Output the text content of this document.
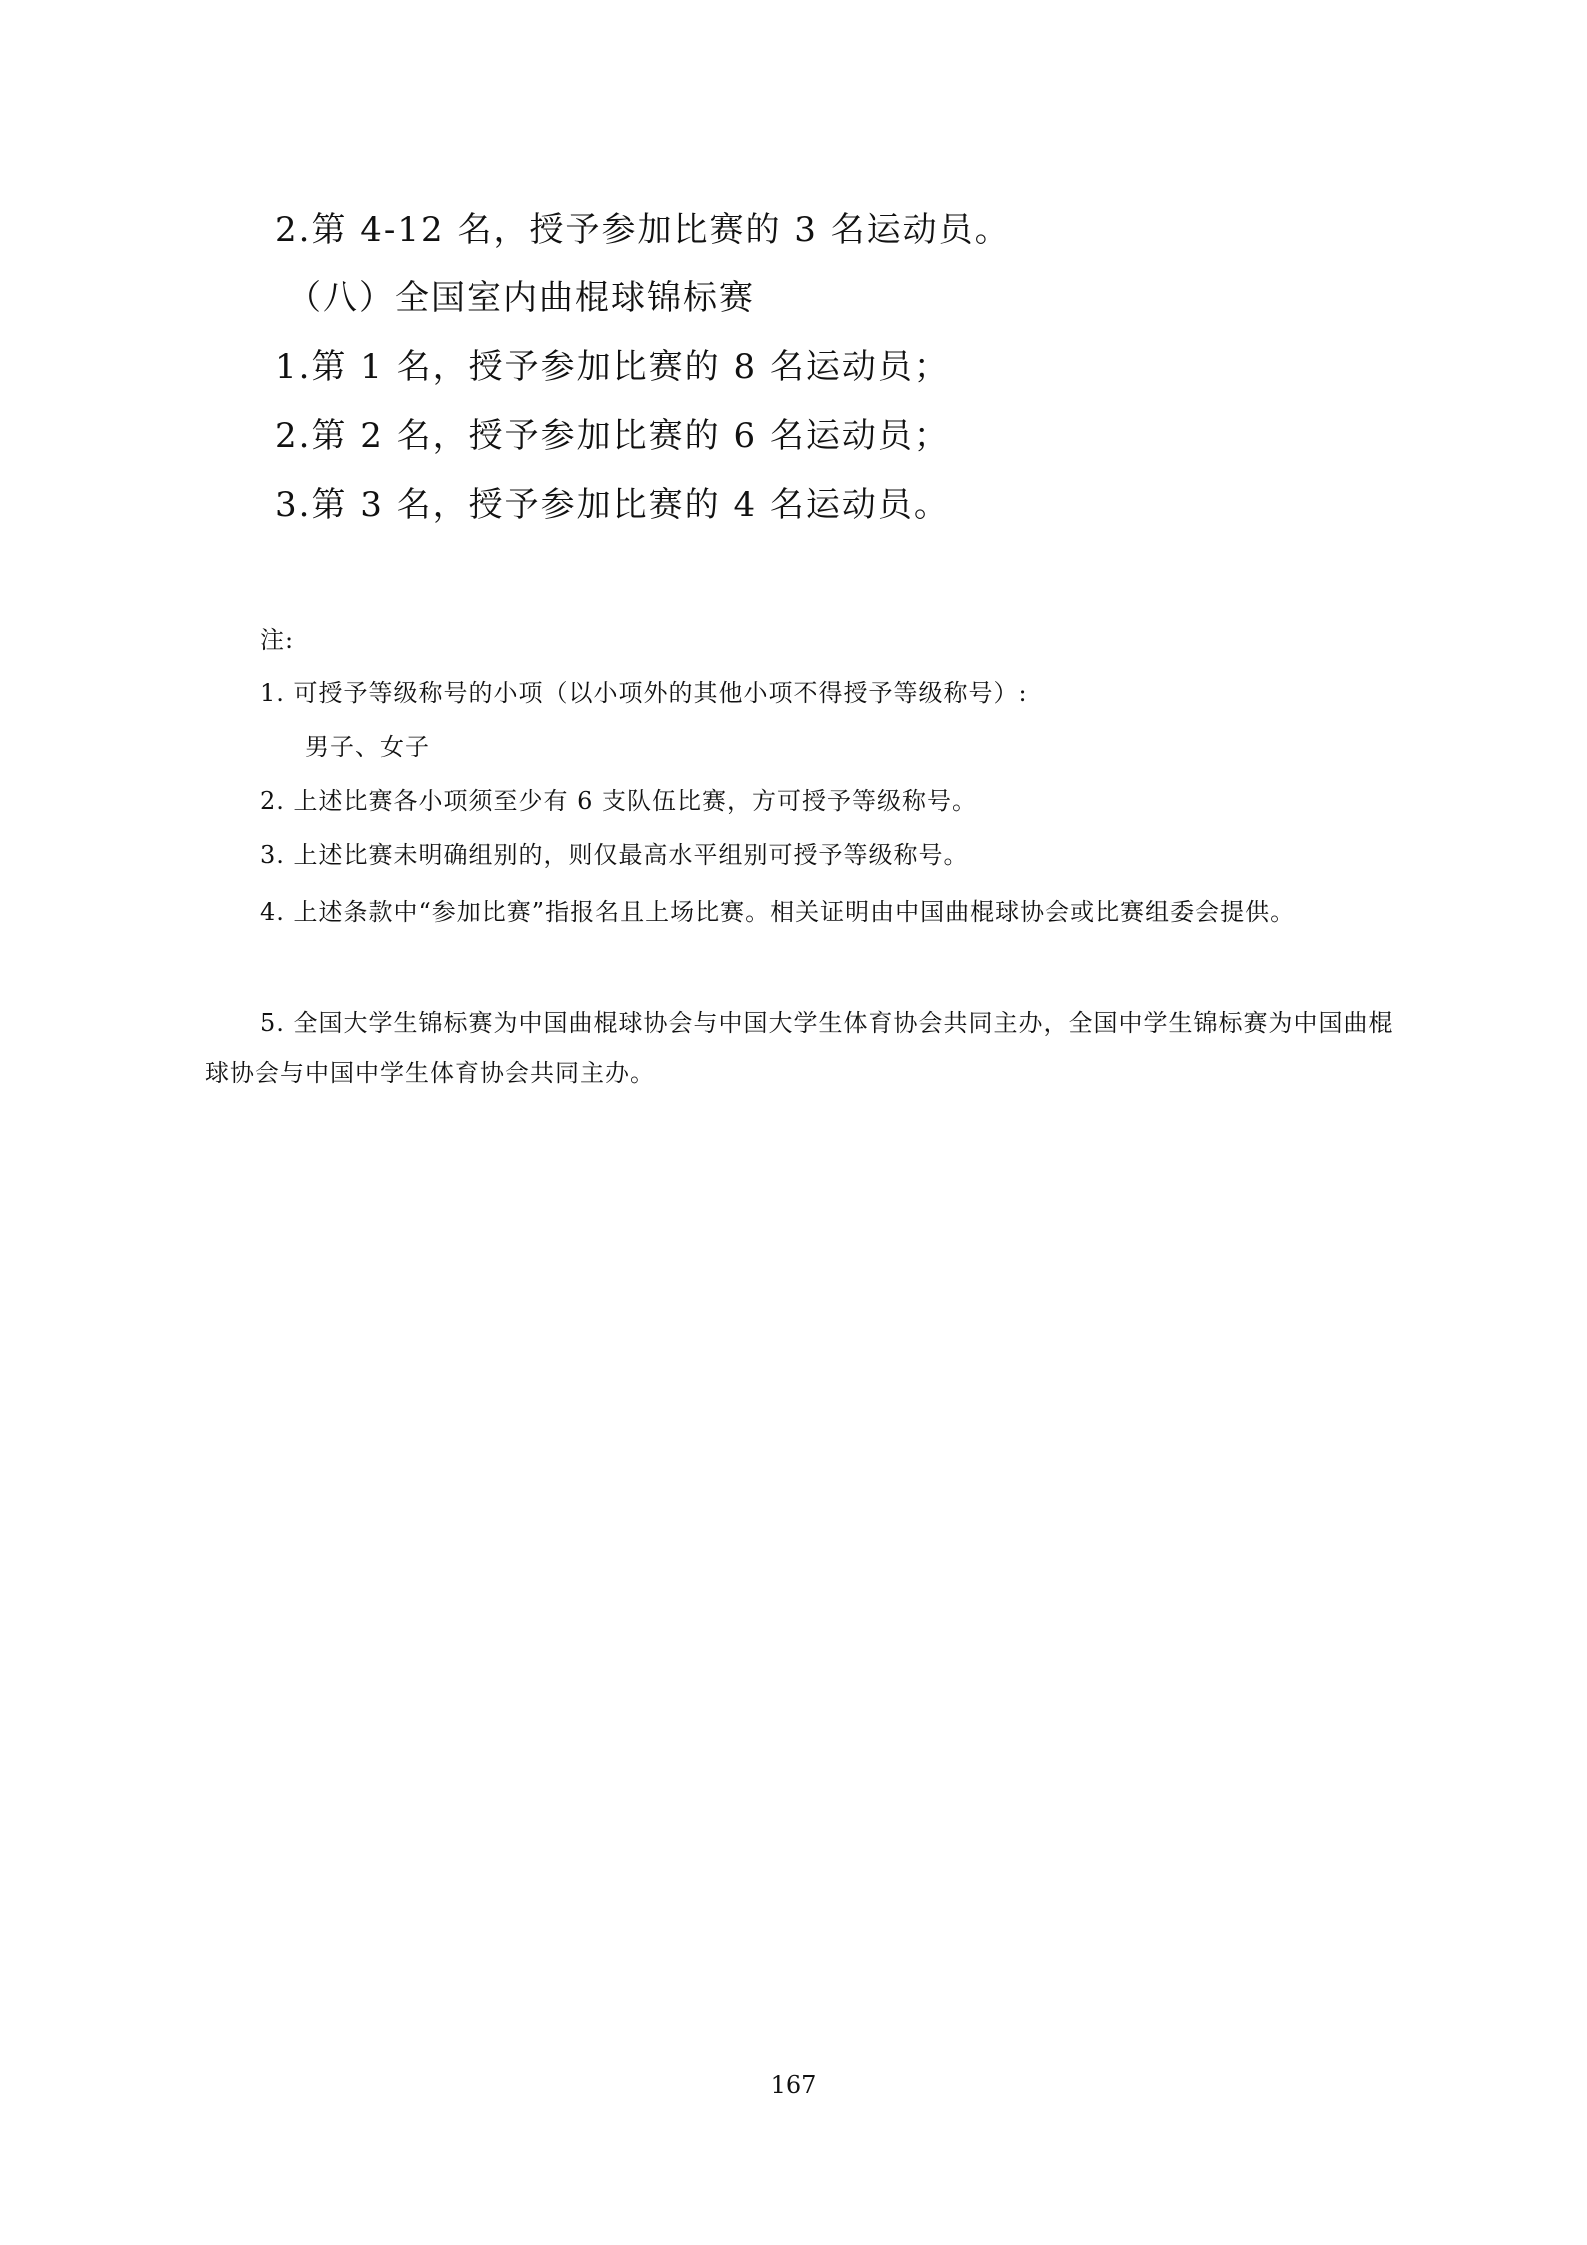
2.第 4-12 名，授予参加比赛的 3 名运动员。
（八）全国室内曲棍球锦标赛
1.第 1 名，授予参加比赛的 8 名运动员；
2.第 2 名，授予参加比赛的 6 名运动员；
3.第 3 名，授予参加比赛的 4 名运动员。
注:
1. 可授予等级称号的小项（以小项外的其他小项不得授予等级称号）:
男子、女子
2. 上述比赛各小项须至少有 6 支队伍比赛，方可授予等级称号。
3. 上述比赛未明确组别的，则仅最高水平组别可授予等级称号。
4. 上述条款中“参加比赛”指报名且上场比赛。相关证明由中国曲棍球协会或比赛组委会提供。
5. 全国大学生锦标赛为中国曲棍球协会与中国大学生体育协会共同主办，全国中学生锦标赛为中国曲棍球协会与中国中学生体育协会共同主办。
167
